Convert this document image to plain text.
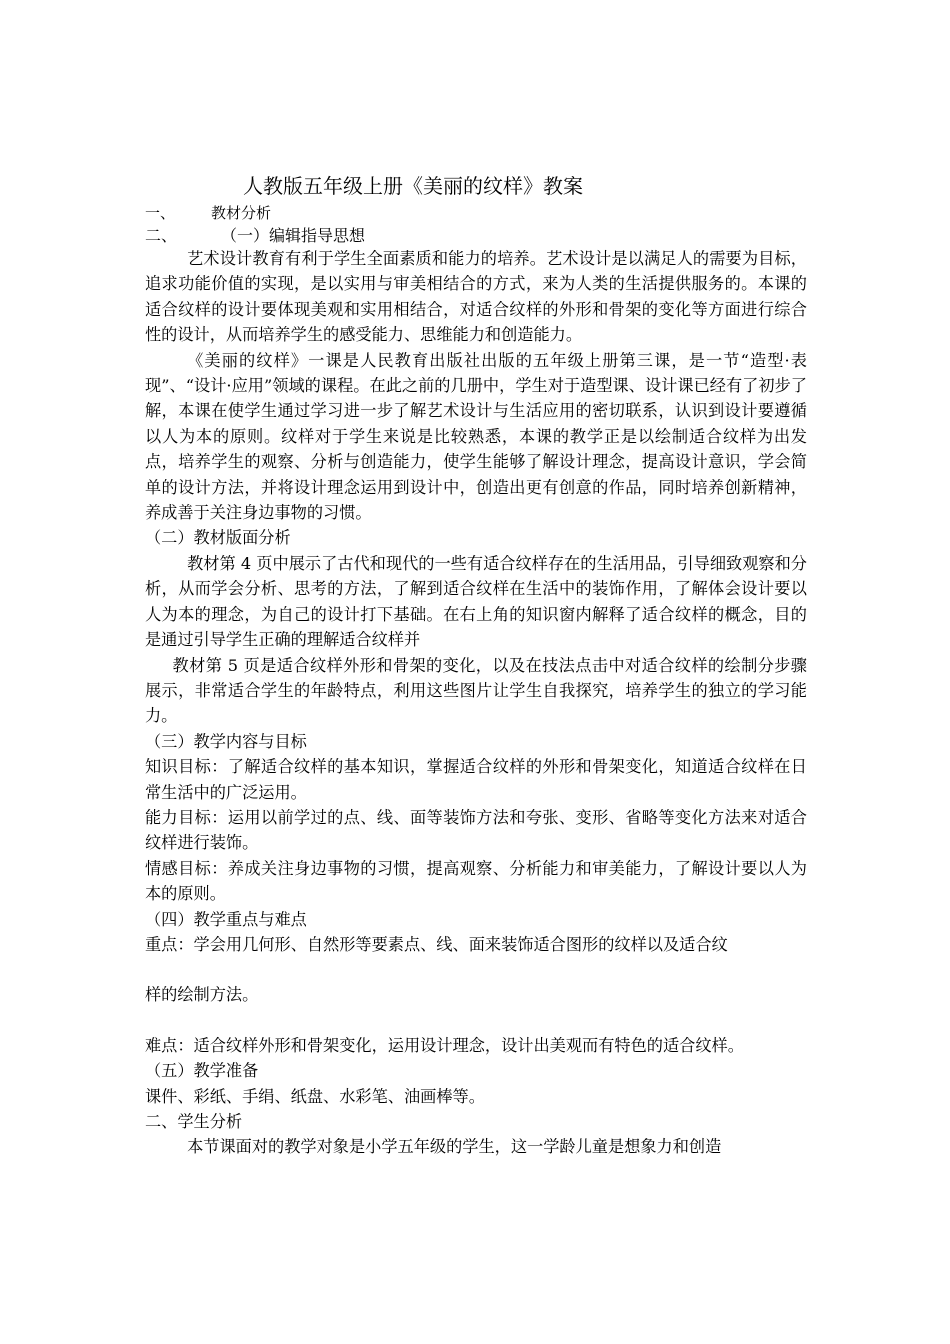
人教版五年级上册《美丽的纹样》教案
一、 教材分析
二、	（一）编辑指导思想

艺术设计教育有利于学生全面素质和能力的培养。艺术设计是以满足人的需要为目标，追求功能价值的实现，是以实用与审美相结合的方式，来为人类的生活提供服务的。本课的适合纹样的设计要体现美观和实用相结合，对适合纹样的外形和骨架的变化等方面进行综合性的设计，从而培养学生的感受能力、思维能力和创造能力。

《美丽的纹样》一课是人民教育出版社出版的五年级上册第三课，是一节“造型·表现”、“设计·应用”领域的课程。在此之前的几册中，学生对于造型课、设计课已经有了初步了解，本课在使学生通过学习进一步了解艺术设计与生活应用的密切联系，认识到设计要遵循以人为本的原则。纹样对于学生来说是比较熟悉，本课的教学正是以绘制适合纹样为出发点，培养学生的观察、分析与创造能力，使学生能够了解设计理念，提高设计意识，学会简单的设计方法，并将设计理念运用到设计中，创造出更有创意的作品，同时培养创新精神，养成善于关注身边事物的习惯。

（二）教材版面分析

教材第 4 页中展示了古代和现代的一些有适合纹样存在的生活用品，引导细致观察和分析，从而学会分析、思考的方法，了解到适合纹样在生活中的装饰作用，了解体会设计要以人为本的理念，为自己的设计打下基础。在右上角的知识窗内解释了适合纹样的概念，目的是通过引导学生正确的理解适合纹样并

教材第 5 页是适合纹样外形和骨架的变化，以及在技法点击中对适合纹样的绘制分步骤展示，非常适合学生的年龄特点，利用这些图片让学生自我探究，培养学生的独立的学习能力。

（三）教学内容与目标

知识目标：了解适合纹样的基本知识，掌握适合纹样的外形和骨架变化，知道适合纹样在日常生活中的广泛运用。

能力目标：运用以前学过的点、线、面等装饰方法和夸张、变形、省略等变化方法来对适合纹样进行装饰。

情感目标：养成关注身边事物的习惯，提高观察、分析能力和审美能力，了解设计要以人为本的原则。

（四）教学重点与难点

重点：学会用几何形、自然形等要素点、线、面来装饰适合图形的纹样以及适合纹

样的绘制方法。

难点：适合纹样外形和骨架变化，运用设计理念，设计出美观而有特色的适合纹样。

（五）教学准备

课件、彩纸、手绢、纸盘、水彩笔、油画棒等。

二、学生分析

本节课面对的教学对象是小学五年级的学生，这一学龄儿童是想象力和创造
